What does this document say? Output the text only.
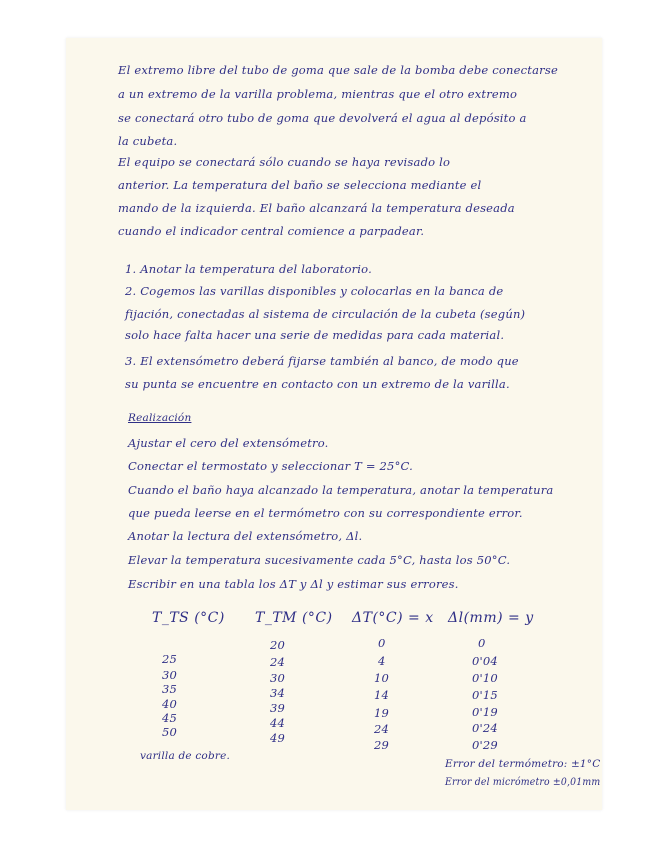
El extremo libre del tubo de goma que sale de la bomba debe conectarse
a un extremo de la varilla problema, mientras que el otro extremo
se conectará otro tubo de goma que devolverá el agua al depósito a
la cubeta.
El equipo se conectará sólo cuando se haya revisado lo
anterior. La temperatura del baño se selecciona mediante el
mando de la izquierda. El baño alcanzará la temperatura deseada
cuando el indicador central comience a parpadear.
1. Anotar la temperatura del laboratorio.
2. Cogemos las varillas disponibles y colocarlas en la banca de
fijación, conectadas al sistema de circulación de la cubeta (según)
solo hace falta hacer una serie de medidas para cada material.
3. El extensómetro deberá fijarse también al banco, de modo que
su punta se encuentre en contacto con un extremo de la varilla.
Realización
Ajustar el cero del extensómetro.
Conectar el termostato y seleccionar T = 25°C.
Cuando el baño haya alcanzado la temperatura, anotar la temperatura
que pueda leerse en el termómetro con su correspondiente error.
Anotar la lectura del extensómetro, Δl.
Elevar la temperatura sucesivamente cada 5°C, hasta los 50°C.
Escribir en una tabla los ΔT y Δl y estimar sus errores.
T_TS (°C) T_TM (°C) ΔT(°C) = x Δl(mm) = y
25
30
35
40
45
50
20
24
30
34
39
44
49
0
4
10
14
19
24
29
0
0'04
0'10
0'15
0'19
0'24
0'29
varilla de cobre.
Error del termómetro: ±1°C
Error del micrómetro ±0,01mm
